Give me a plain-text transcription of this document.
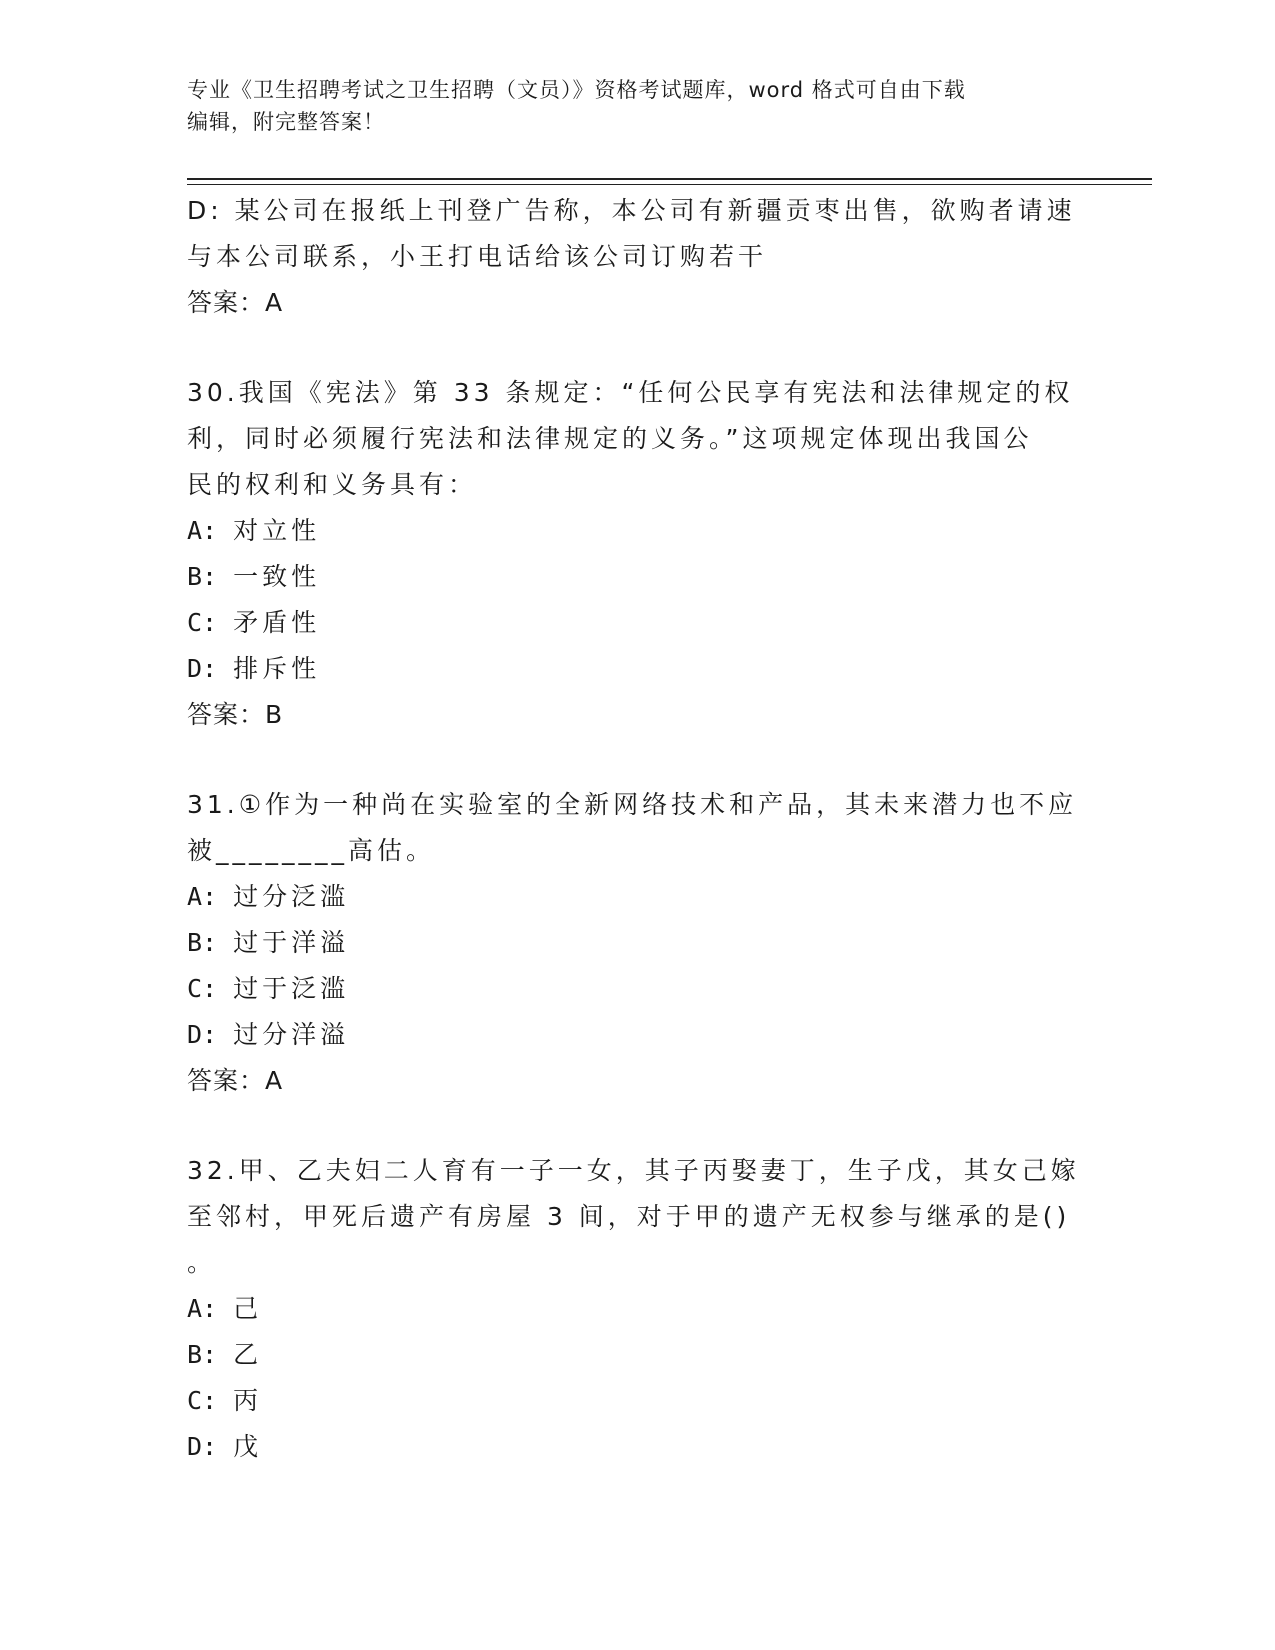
专业《卫生招聘考试之卫生招聘（文员）》资格考试题库，word 格式可自由下载
编辑，附完整答案！
D: 某公司在报纸上刊登广告称，本公司有新疆贡枣出售，欲购者请速
与本公司联系，小王打电话给该公司订购若干
答案：A
30.我国《宪法》第 33 条规定：“任何公民享有宪法和法律规定的权
利，同时必须履行宪法和法律规定的义务。”这项规定体现出我国公
民的权利和义务具有：
A: 对立性
B: 一致性
C: 矛盾性
D: 排斥性
答案：B
31.①作为一种尚在实验室的全新网络技术和产品，其未来潜力也不应
被________高估。
A: 过分泛滥
B: 过于洋溢
C: 过于泛滥
D: 过分洋溢
答案：A
32.甲、乙夫妇二人育有一子一女，其子丙娶妻丁，生子戊，其女己嫁
至邻村，甲死后遗产有房屋 3 间，对于甲的遗产无权参与继承的是()
。
A: 己
B: 乙
C: 丙
D: 戊
